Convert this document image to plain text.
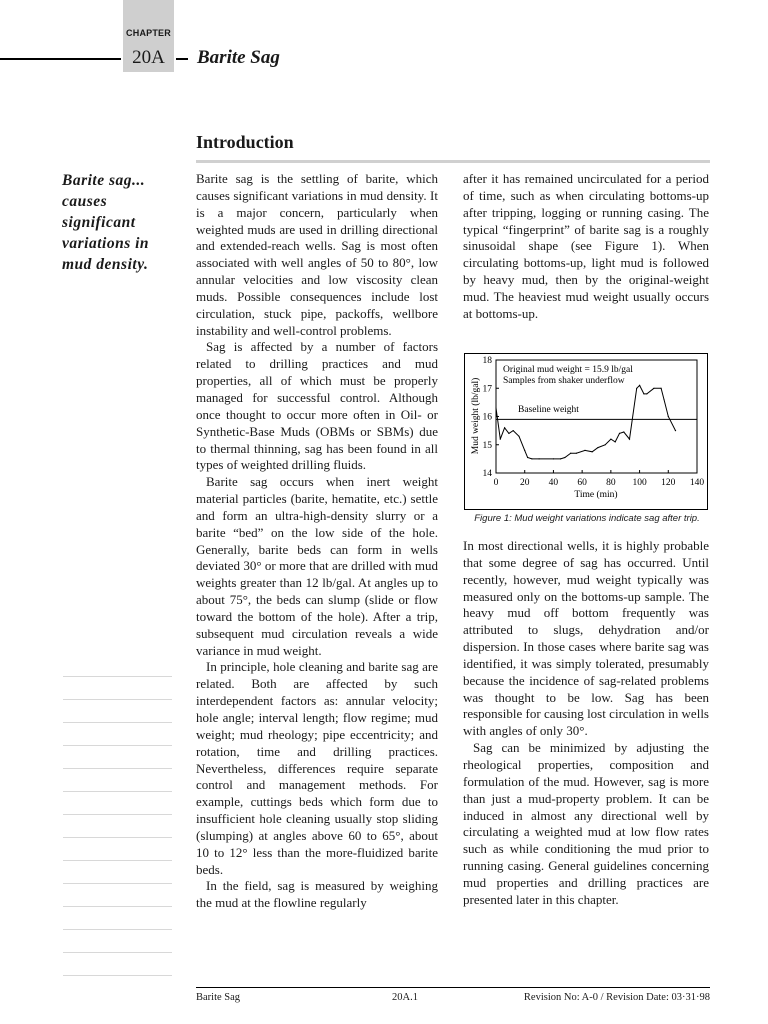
CHAPTER
20A	Barite Sag
Introduction
Barite sag... causes significant variations in mud density.

Barite sag is the settling of barite, which causes significant variations in mud density. It is a major concern, particularly when weighted muds are used in drilling directional and extended-reach wells. Sag is most often associated with well angles of 50 to 80°, low annular velocities and low viscosity clean muds. Possible consequences include lost circulation, stuck pipe, packoffs, wellbore instability and well-control problems.

Sag is affected by a number of factors related to drilling practices and mud properties, all of which must be properly managed for successful control. Although once thought to occur more often in Oil- or Synthetic-Base Muds (OBMs or SBMs) due to thermal thinning, sag has been found in all types of weighted drilling fluids.

Barite sag occurs when inert weight material particles (barite, hematite, etc.) settle and form an ultra-high-density slurry or a barite “bed” on the low side of the hole. Generally, barite beds can form in wells deviated 30° or more that are drilled with mud weights greater than 12 lb/gal. At angles up to about 75°, the beds can slump (slide or flow toward the bottom of the hole). After a trip, subsequent mud circulation reveals a wide variance in mud weight.

In principle, hole cleaning and barite sag are related. Both are affected by such interdependent factors as: annular velocity; hole angle; interval length; flow regime; mud weight; mud rheology; pipe eccentricity; and rotation, time and drilling practices. Nevertheless, differences require separate control and management methods. For example, cuttings beds which form due to insufficient hole cleaning usually stop sliding (slumping) at angles above 60 to 65°, about 10 to 12° less than the more-fluidized barite beds.

In the field, sag is measured by weighing the mud at the flowline regularly

after it has remained uncirculated for a period of time, such as when circulating bottoms-up after tripping, logging or running casing. The typical “fingerprint” of barite sag is a roughly sinusoidal shape (see Figure 1). When circulating bottoms-up, light mud is followed by heavy mud, then by the original-weight mud. The heaviest mud weight usually occurs at bottoms-up.

14
15
16
17
18
0 20 40 60 80 100 120 140
Original mud weight = 15.9 lb/gal
Samples from shaker underflow
Baseline weight
Time (min)
Mud weight (lb/gal)
Figure 1: Mud weight variations indicate sag after trip.

In most directional wells, it is highly probable that some degree of sag has occurred. Until recently, however, mud weight typically was measured only on the bottoms-up sample. The heavy mud off bottom frequently was attributed to slugs, dehydration and/or dispersion. In those cases where barite sag was identified, it was simply tolerated, presumably because the incidence of sag-related problems was thought to be low. Sag has been responsible for causing lost circulation in wells with angles of only 30°.

Sag can be minimized by adjusting the rheological properties, composition and formulation of the mud. However, sag is more than just a mud-property problem. It can be induced in almost any directional well by circulating a weighted mud at low flow rates such as while conditioning the mud prior to running casing. General guidelines concerning mud properties and drilling practices are presented later in this chapter.

Barite Sag	20A.1	Revision No: A-0 / Revision Date: 03·31·98
